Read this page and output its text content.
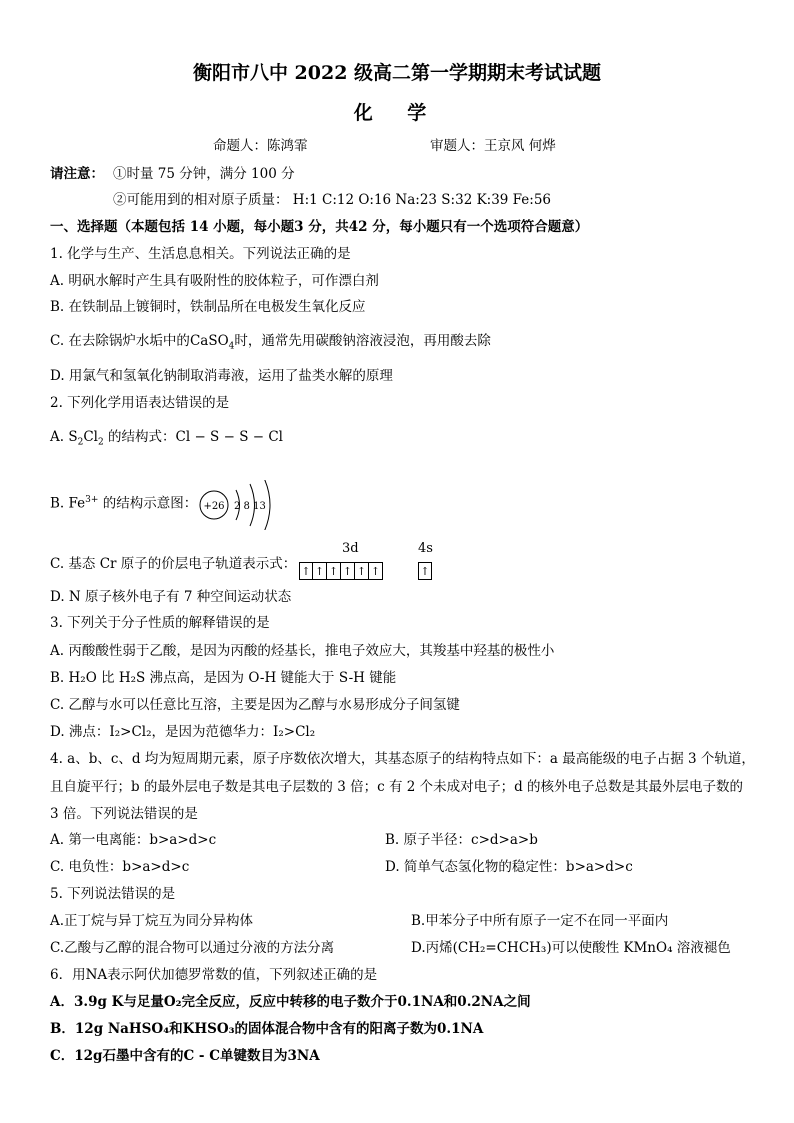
衡阳市八中 2022 级高二第一学期期末考试试题
化 学
命题人：陈鸿霏	审题人：王京风 何烨
请注意： ①时量 75 分钟，满分 100 分
②可能用到的相对原子质量： H:1 C:12 O:16 Na:23 S:32 K:39 Fe:56
一、选择题（本题包括 14 小题，每小题3 分，共42 分，每小题只有一个选项符合题意）
1. 化学与生产、生活息息相关。下列说法正确的是
A. 明矾水解时产生具有吸附性的胶体粒子，可作漂白剂
B. 在铁制品上镀铜时，铁制品所在电极发生氧化反应
C. 在去除锅炉水垢中的CaSO$_4$时，通常先用碳酸钠溶液浸泡，再用酸去除
D. 用氯气和氢氧化钠制取消毒液，运用了盐类水解的原理
2. 下列化学用语表达错误的是
A. $S_2Cl_2$ 的结构式：Cl − S − S − Cl
B. $Fe^{3+}$ 的结构示意图： +26 2 8 13
C. 基态 Cr 原子的价层电子轨道表示式：
3d	4s
↑ ↑ ↑ ↑ ↑ ↑	↑
D. N 原子核外电子有 7 种空间运动状态
3. 下列关于分子性质的解释错误的是
A. 丙酸酸性弱于乙酸，是因为丙酸的烃基长，推电子效应大，其羧基中羟基的极性小
B. H₂O 比 H₂S 沸点高，是因为 O-H 键能大于 S-H 键能
C. 乙醇与水可以任意比互溶，主要是因为乙醇与水易形成分子间氢键
D. 沸点：I₂>Cl₂，是因为范德华力：I₂>Cl₂
4. a、b、c、d 均为短周期元素，原子序数依次增大，其基态原子的结构特点如下：a 最高能级的电子占据 3 个轨道，
且自旋平行；b 的最外层电子数是其电子层数的 3 倍；c 有 2 个未成对电子；d 的核外电子总数是其最外层电子数的
3 倍。下列说法错误的是
A. 第一电离能：b>a>d>c	B. 原子半径：c>d>a>b
C. 电负性：b>a>d>c	D. 简单气态氢化物的稳定性：b>a>d>c
5. 下列说法错误的是
A.正丁烷与异丁烷互为同分异构体	B.甲苯分子中所有原子一定不在同一平面内
C.乙酸与乙醇的混合物可以通过分液的方法分离	D.丙烯(CH₂=CHCH₃)可以使酸性 KMnO₄ 溶液褪色
6．用NA表示阿伏加德罗常数的值，下列叙述正确的是
A．3.9g K与足量O₂完全反应，反应中转移的电子数介于0.1NA和0.2NA之间
B．12g NaHSO₄和KHSO₃的固体混合物中含有的阳离子数为0.1NA
C．12g石墨中含有的C - C单键数目为3NA
